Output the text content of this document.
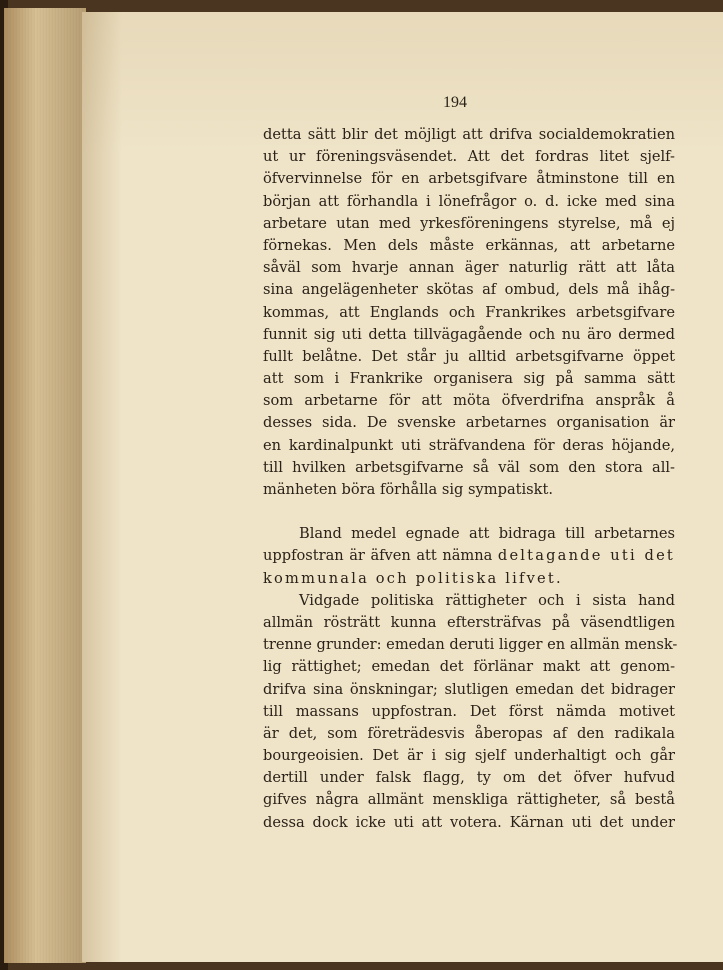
194
detta sätt blir det möjligt att drifva socialdemokratien
ut ur föreningsväsendet. Att det fordras litet sjelf-
öfvervinnelse för en arbetsgifvare åtminstone till en
början att förhandla i lönefrågor o. d. icke med sina
arbetare utan med yrkesföreningens styrelse, må ej
förnekas. Men dels måste erkännas, att arbetarne
såväl som hvarje annan äger naturlig rätt att låta
sina angelägenheter skötas af ombud, dels må ihåg-
kommas, att Englands och Frankrikes arbetsgifvare
funnit sig uti detta tillvägagående och nu äro dermed
fullt belåtne. Det står ju alltid arbetsgifvarne öppet
att som i Frankrike organisera sig på samma sätt
som arbetarne för att möta öfverdrifna anspråk å
desses sida. De svenske arbetarnes organisation är
en kardinalpunkt uti sträfvandena för deras höjande,
till hvilken arbetsgifvarne så väl som den stora all-
mänheten böra förhålla sig sympatiskt.
Bland medel egnade att bidraga till arbetarnes
uppfostran är äfven att nämna deltagande uti det
kommunala och politiska lifvet.
Vidgade politiska rättigheter och i sista hand
allmän rösträtt kunna eftersträfvas på väsendtligen
trenne grunder: emedan deruti ligger en allmän mensk-
lig rättighet; emedan det förlänar makt att genom-
drifva sina önskningar; slutligen emedan det bidrager
till massans uppfostran. Det först nämda motivet
är det, som företrädesvis åberopas af den radikala
bourgeoisien. Det är i sig sjelf underhaltigt och går
dertill under falsk flagg, ty om det öfver hufvud
gifves några allmänt menskliga rättigheter, så bestå
dessa dock icke uti att votera. Kärnan uti det under
